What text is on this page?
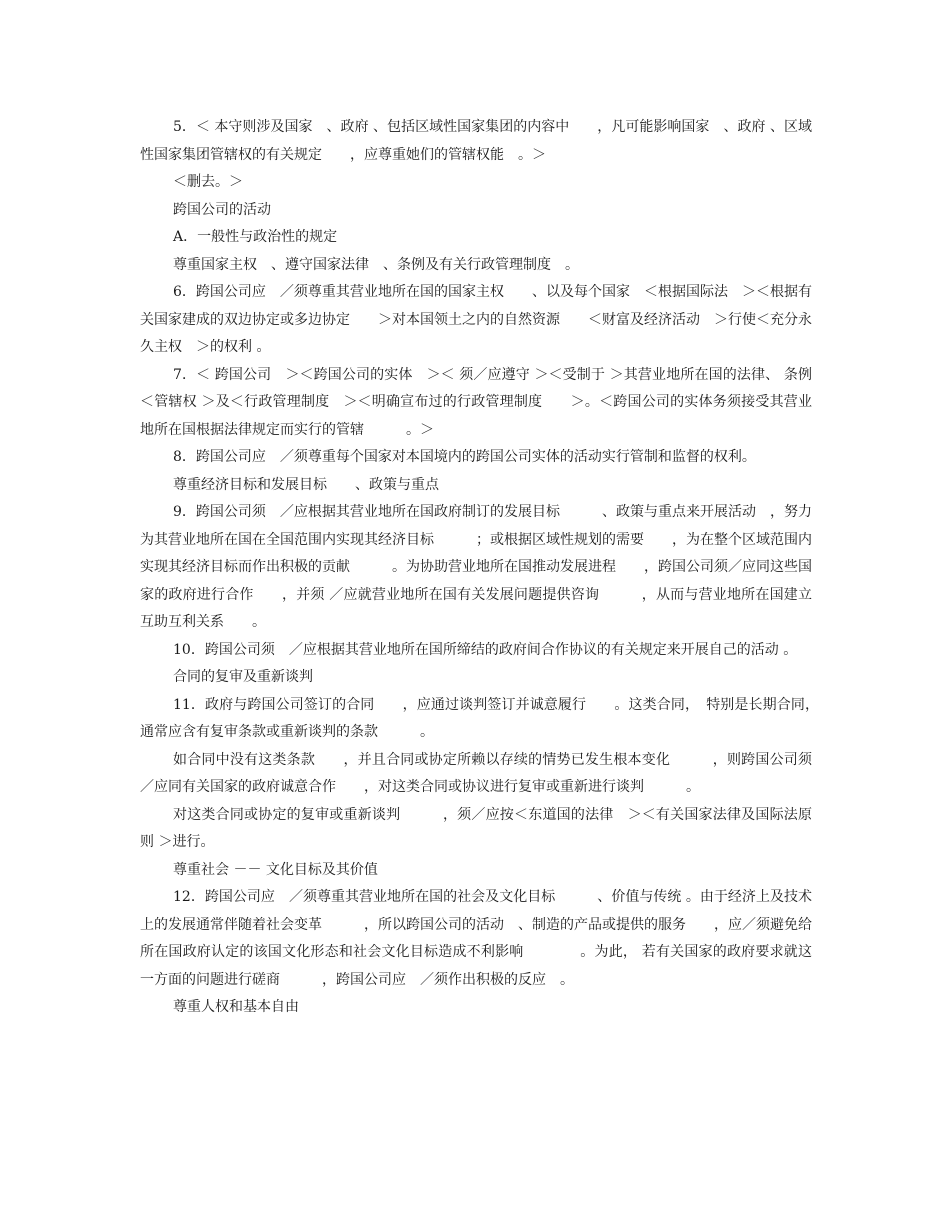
5．＜ 本守则涉及国家　、政府 、包括区域性国家集团的内容中　　，凡可能影响国家　、政府 、区域性国家集团管辖权的有关规定　　，应尊重她们的管辖权能　。＞

＜删去。＞

跨国公司的活动

A．一般性与政治性的规定

尊重国家主权　、遵守国家法律　、条例及有关行政管理制度　。

6．跨国公司应　／须尊重其营业地所在国的国家主权　　、以及每个国家　＜根据国际法　＞＜根据有关国家建成的双边协定或多边协定　　＞对本国领土之内的自然资源　　＜财富及经济活动　＞行使＜充分永久主权　＞的权利 。

7．＜ 跨国公司　＞＜跨国公司的实体　＞＜ 须／应遵守 ＞＜受制于 ＞其营业地所在国的法律、 条例 ＜管辖权 ＞及＜行政管理制度　＞＜明确宣布过的行政管理制度　　＞。＜跨国公司的实体务须接受其营业地所在国根据法律规定而实行的管辖　　　。＞

8．跨国公司应　／须尊重每个国家对本国境内的跨国公司实体的活动实行管制和监督的权利。

尊重经济目标和发展目标　　、政策与重点

9．跨国公司须　／应根据其营业地所在国政府制订的发展目标　　　、政策与重点来开展活动　，努力为其营业地所在国在全国范围内实现其经济目标　　　；或根据区域性规划的需要　　，为在整个区域范围内实现其经济目标而作出积极的贡献　　　。为协助营业地所在国推动发展进程　　，跨国公司须／应同这些国家的政府进行合作　　，并须 ／应就营业地所在国有关发展问题提供咨询　　　，从而与营业地所在国建立互助互利关系　　。

10．跨国公司须　／应根据其营业地所在国所缔结的政府间合作协议的有关规定来开展自己的活动 。

合同的复审及重新谈判

11．政府与跨国公司签订的合同　　，应通过谈判签订并诚意履行　　。这类合同，　特别是长期合同，　通常应含有复审条款或重新谈判的条款　　　。

如合同中没有这类条款　　，并且合同或协定所赖以存续的情势已发生根本变化　　　，则跨国公司须／应同有关国家的政府诚意合作　　，对这类合同或协议进行复审或重新进行谈判　　　。

对这类合同或协定的复审或重新谈判　　　，须／应按＜东道国的法律　＞＜有关国家法律及国际法原则 ＞进行。

尊重社会 －－ 文化目标及其价值

12．跨国公司应　／须尊重其营业地所在国的社会及文化目标　　　、价值与传统 。由于经济上及技术上的发展通常伴随着社会变革　　　，所以跨国公司的活动　、制造的产品或提供的服务　　，应／须避免给所在国政府认定的该国文化形态和社会文化目标造成不利影响　　　　。为此， 若有关国家的政府要求就这一方面的问题进行磋商　　　，跨国公司应　／须作出积极的反应　。

尊重人权和基本自由
